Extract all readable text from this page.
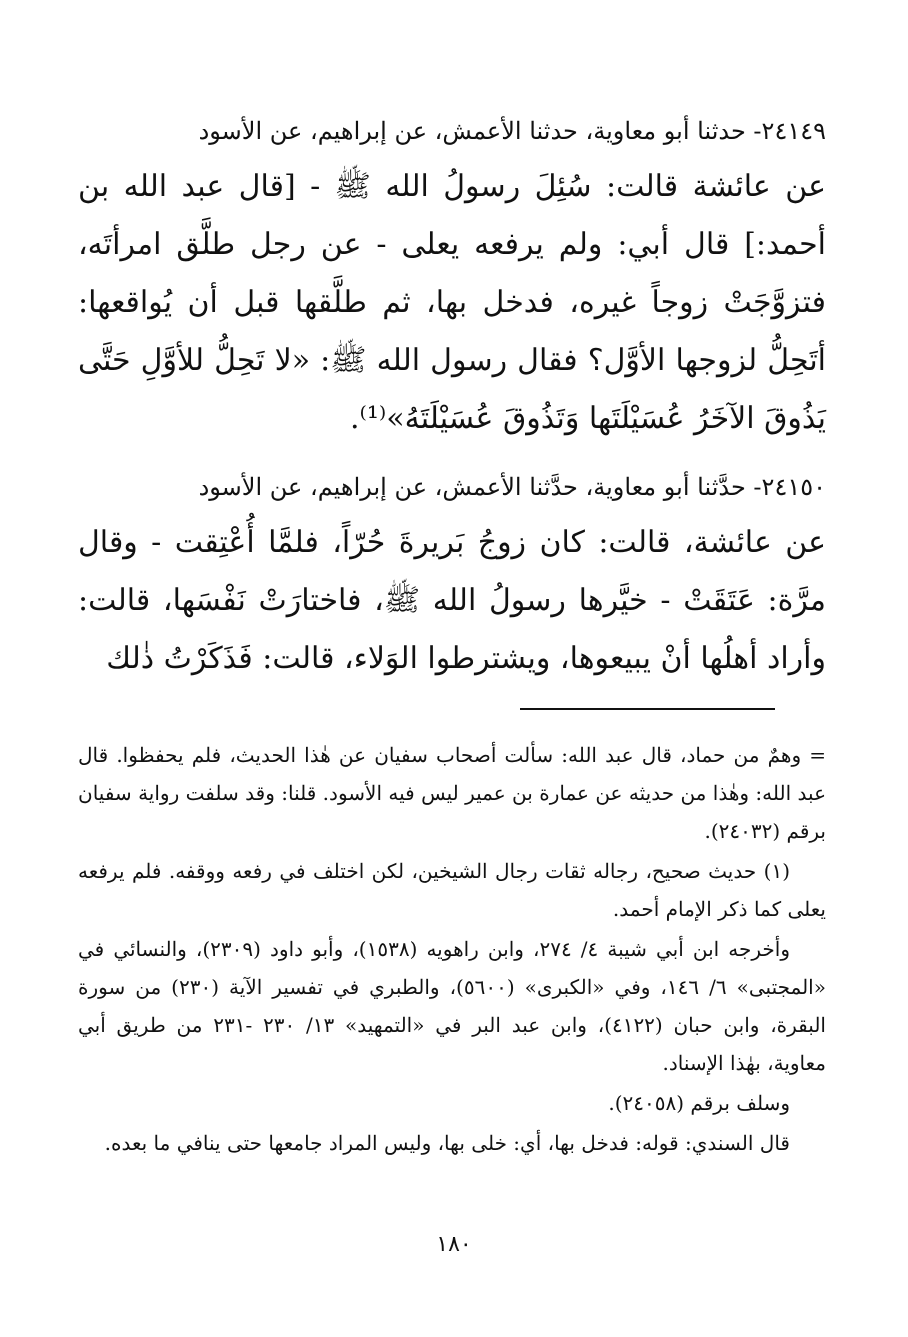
٢٤١٤٩- حدثنا أبو معاوية، حدثنا الأعمش، عن إبراهيم، عن الأسود

عن عائشة قالت: سُئِلَ رسولُ الله ﷺ - [قال عبد الله بن أحمد:] قال أبي: ولم يرفعه يعلى - عن رجل طلَّق امرأتَه، فتزوَّجَتْ زوجاً غيره، فدخل بها، ثم طلَّقها قبل أن يُواقعها: أتَحِلُّ لزوجها الأوَّل؟ فقال رسول الله ﷺ: «لا تَحِلُّ للأوَّلِ حَتَّى يَذُوقَ الآخَرُ عُسَيْلَتَها وَتَذُوقَ عُسَيْلَتَهُ»⁽¹⁾.

٢٤١٥٠- حدَّثنا أبو معاوية، حدَّثنا الأعمش، عن إبراهيم، عن الأسود

عن عائشة، قالت: كان زوجُ بَريرةَ حُرّاً، فلمَّا أُعْتِقت - وقال مرَّة: عَتَقَتْ - خيَّرها رسولُ الله ﷺ، فاختارَتْ نَفْسَها، قالت: وأراد أهلُها أنْ يبيعوها، ويشترطوا الوَلاء، قالت: فَذَكَرْتُ ذٰلك

= وهمٌ من حماد، قال عبد الله: سألت أصحاب سفيان عن هٰذا الحديث، فلم يحفظوا. قال عبد الله: وهٰذا من حديثه عن عمارة بن عمير ليس فيه الأسود. قلنا: وقد سلفت رواية سفيان برقم (٢٤٠٣٢).

(١) حديث صحيح، رجاله ثقات رجال الشيخين، لكن اختلف في رفعه ووقفه. فلم يرفعه يعلى كما ذكر الإمام أحمد.

وأخرجه ابن أبي شيبة ٤/ ٢٧٤، وابن راهويه (١٥٣٨)، وأبو داود (٢٣٠٩)، والنسائي في «المجتبى» ٦/ ١٤٦، وفي «الكبرى» (٥٦٠٠)، والطبري في تفسير الآية (٢٣٠) من سورة البقرة، وابن حبان (٤١٢٢)، وابن عبد البر في «التمهيد» ١٣/ ٢٣٠ -٢٣١ من طريق أبي معاوية، بهٰذا الإسناد.

وسلف برقم (٢٤٠٥٨).

قال السندي: قوله: فدخل بها، أي: خلى بها، وليس المراد جامعها حتى ينافي ما بعده.

١٨٠
